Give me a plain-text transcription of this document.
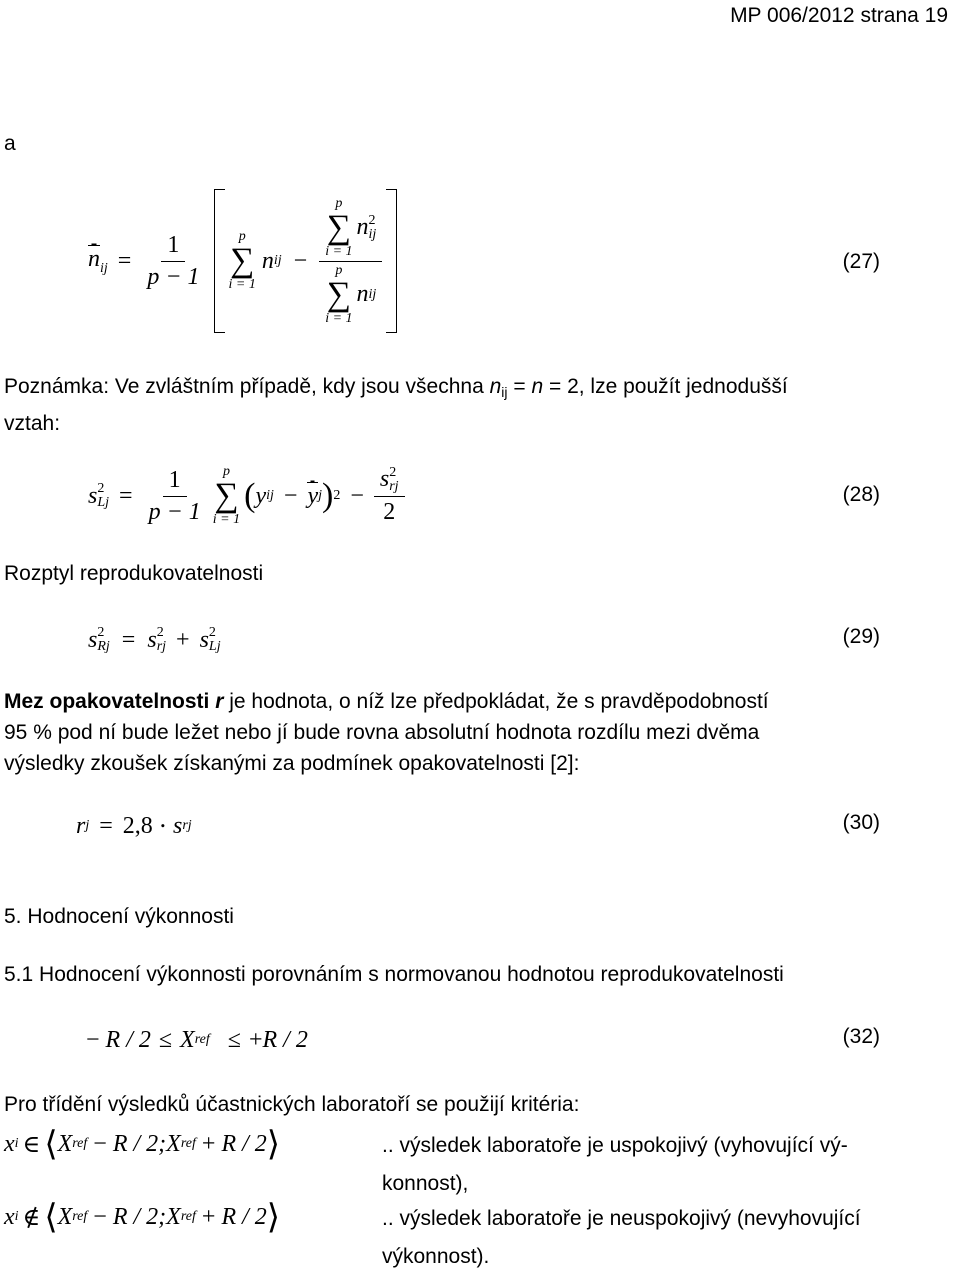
MP 006/2012 strana 19
a
$n_{ij} = \frac{1}{p - 1}$ p
∑
i = 1
n ij − p
∑
i = 1
n 2
ij
p
∑
i = 1
n ij	(27)
Poznámka: Ve zvláštním případě, kdy jsou všechna nij = n = 2, lze použít jednodušší
vztah:
s 2
$Lj = \frac{1}{p - 1}$ p
∑
i = 1
( y ij − y j ) 2 − s 2
rj
2	(28)
Rozptyl reprodukovatelnosti
s 2
Rj = s 2
rj + s 2
Lj	(29)
Mez opakovatelnosti r je hodnota, o níž lze předpokládat, že s pravděpodobností
95 % pod ní bude ležet nebo jí bude rovna absolutní hodnota rozdílu mezi dvěma
výsledky zkoušek získanými za podmínek opakovatelnosti [2]:
r j = 2,8 ⋅ s rj	(30)
5. Hodnocení výkonnosti
5.1 Hodnocení výkonnosti porovnáním s normovanou hodnotou reprodukovatelnosti
− R / 2 ≤ X ref ≤ + R / 2	(32)
Pro třídění výsledků účastnických laboratoří se použijí kritéria:
x i ∈ ⟨ X ref − R / 2; X ref + R / 2 ⟩	.. výsledek laboratoře je uspokojivý (vyhovující vý-
konnost),
x i ∉ ⟨ X ref − R / 2; X ref + R / 2 ⟩	.. výsledek laboratoře je neuspokojivý (nevyhovující
výkonnost).
